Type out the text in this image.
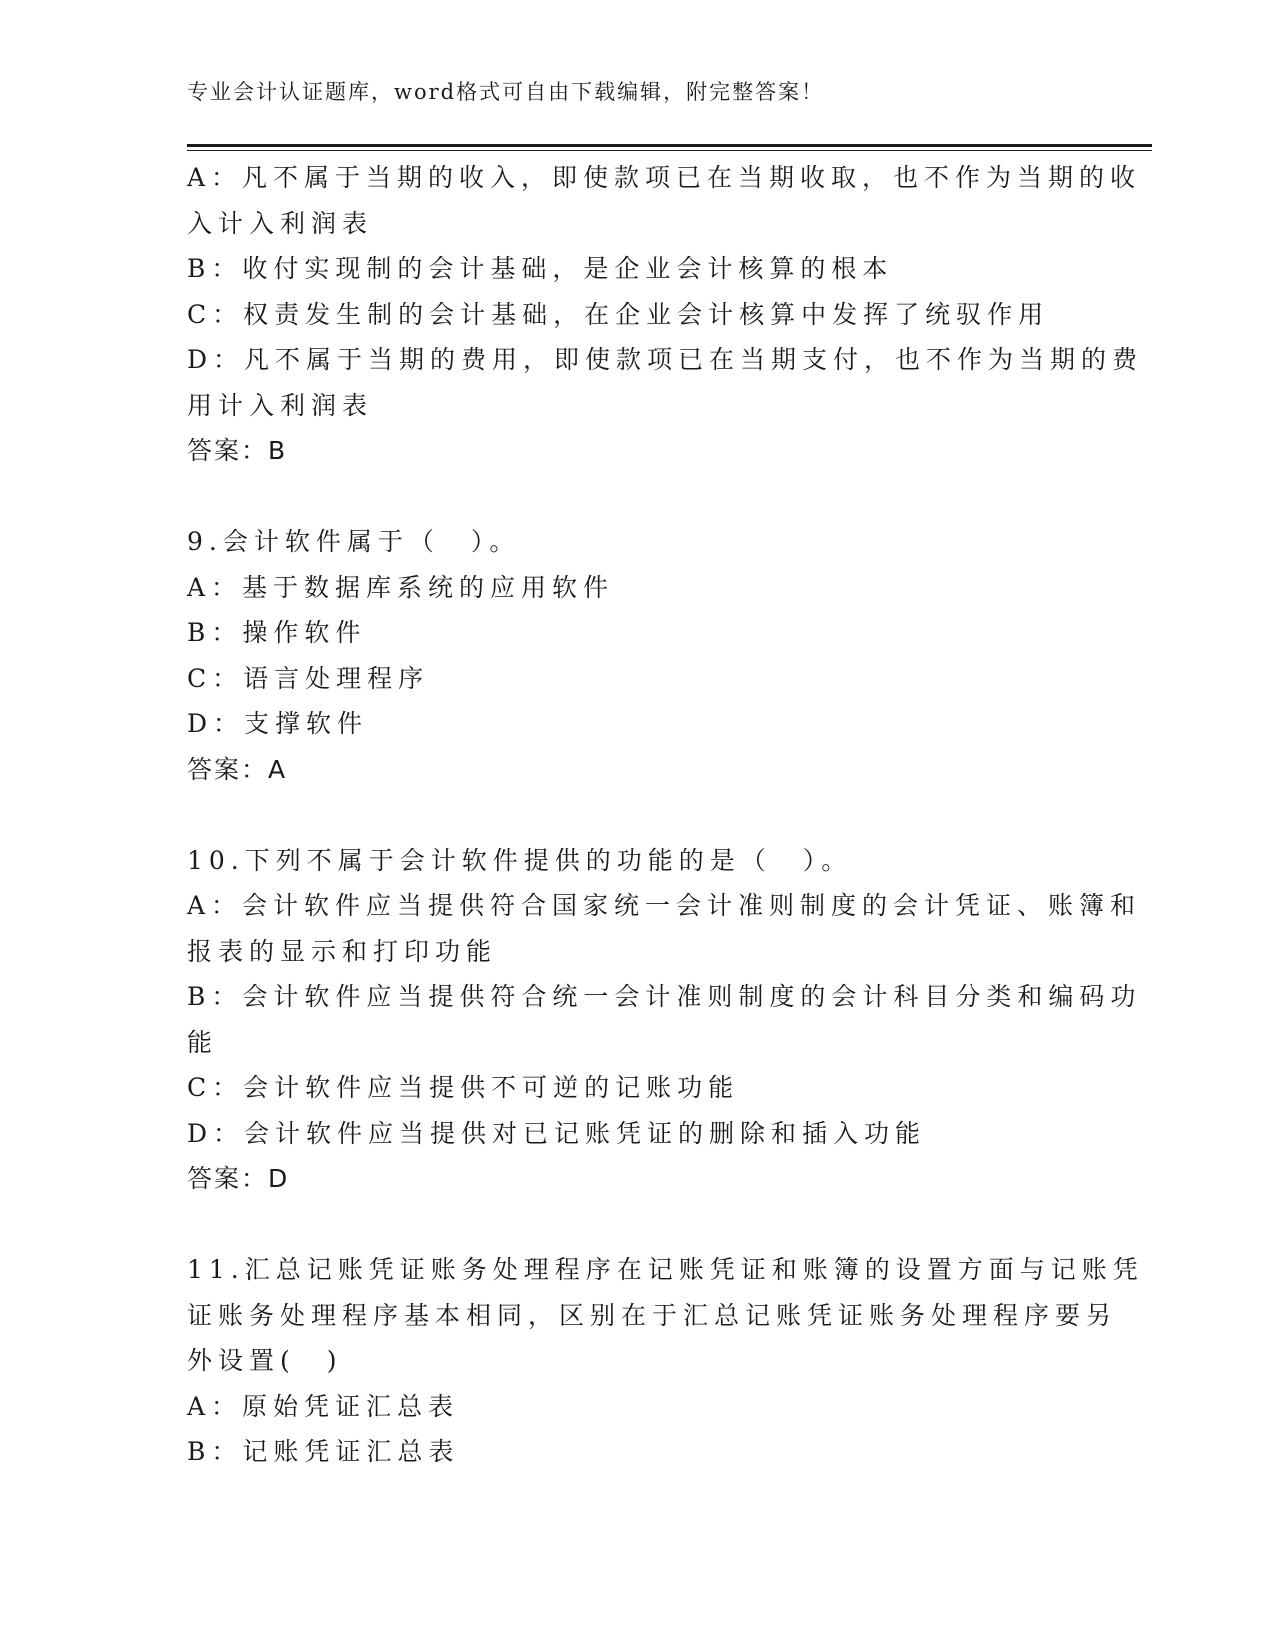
专业会计认证题库，word格式可自由下载编辑，附完整答案！
A：凡不属于当期的收入，即使款项已在当期收取，也不作为当期的收
入计入利润表
B：收付实现制的会计基础，是企业会计核算的根本
C：权责发生制的会计基础，在企业会计核算中发挥了统驭作用
D：凡不属于当期的费用，即使款项已在当期支付，也不作为当期的费
用计入利润表
答案：B
9.会计软件属于（　）。
A：基于数据库系统的应用软件
B：操作软件
C：语言处理程序
D：支撑软件
答案：A
10.下列不属于会计软件提供的功能的是（　）。
A：会计软件应当提供符合国家统一会计准则制度的会计凭证、账簿和
报表的显示和打印功能
B：会计软件应当提供符合统一会计准则制度的会计科目分类和编码功
能
C：会计软件应当提供不可逆的记账功能
D：会计软件应当提供对已记账凭证的删除和插入功能
答案：D
11.汇总记账凭证账务处理程序在记账凭证和账簿的设置方面与记账凭
证账务处理程序基本相同，区别在于汇总记账凭证账务处理程序要另
外设置(　)
A：原始凭证汇总表
B：记账凭证汇总表
